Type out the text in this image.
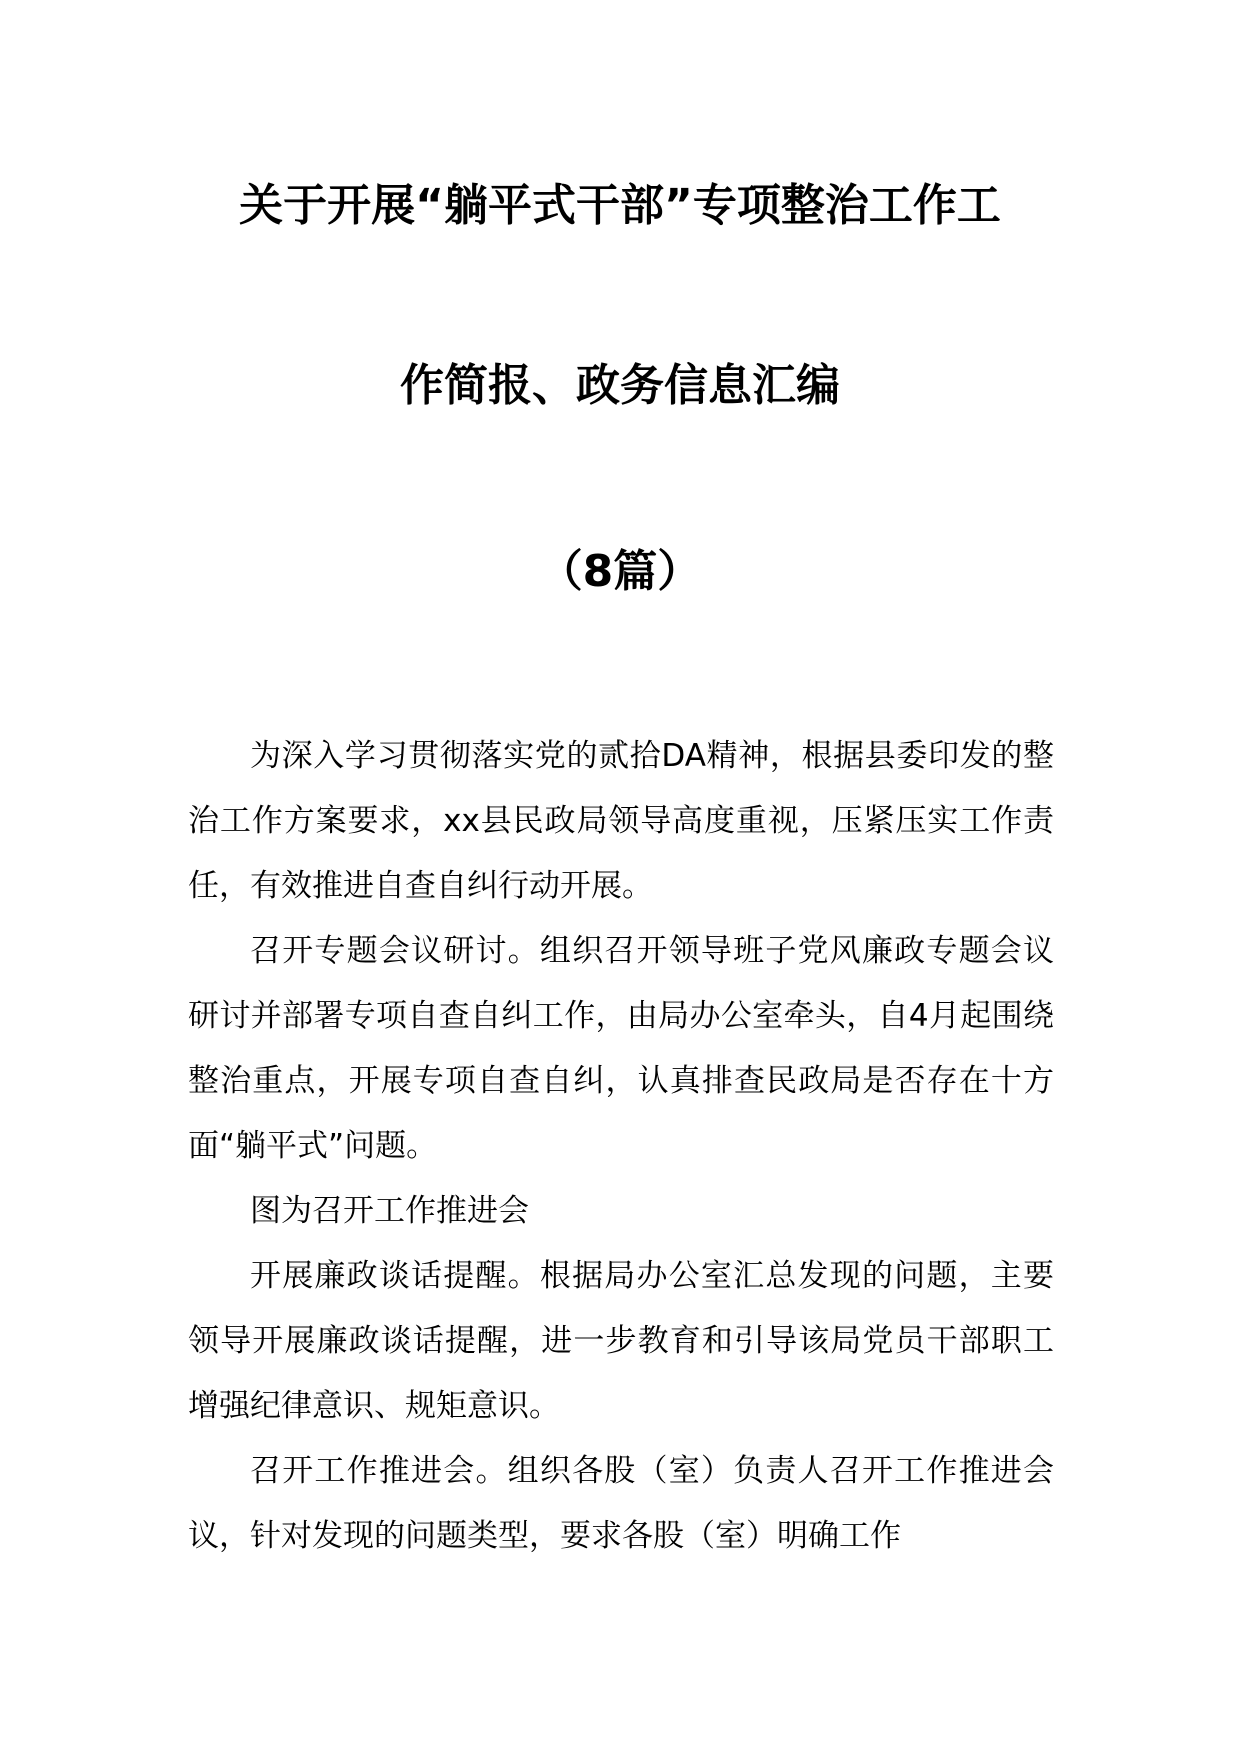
关于开展“躺平式干部”专项整治工作工
作简报、政务信息汇编
（8篇）

为深入学习贯彻落实党的贰拾DA精神，根据县委印发的整治工作方案要求，xx县民政局领导高度重视，压紧压实工作责任，有效推进自查自纠行动开展。

召开专题会议研讨。组织召开领导班子党风廉政专题会议研讨并部署专项自查自纠工作，由局办公室牵头，自4月起围绕整治重点，开展专项自查自纠，认真排查民政局是否存在十方面“躺平式”问题。

图为召开工作推进会

开展廉政谈话提醒。根据局办公室汇总发现的问题，主要领导开展廉政谈话提醒，进一步教育和引导该局党员干部职工增强纪律意识、规矩意识。

召开工作推进会。组织各股（室）负责人召开工作推进会议，针对发现的问题类型，要求各股（室）明确工作
